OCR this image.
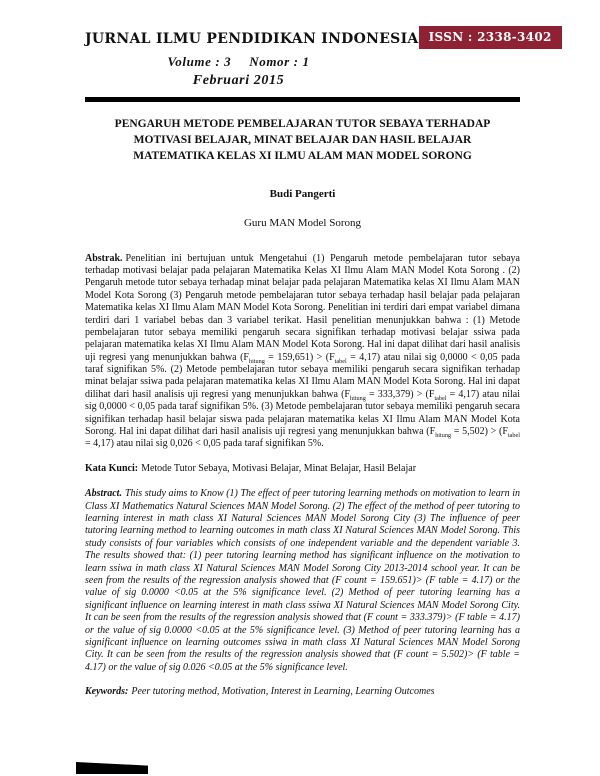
JURNAL ILMU PENDIDIKAN INDONESIA ISSN : 2338-3402
Volume : 3 Nomor : 1
Februari 2015
PENGARUH METODE PEMBELAJARAN TUTOR SEBAYA TERHADAP
MOTIVASI BELAJAR, MINAT BELAJAR DAN HASIL BELAJAR
MATEMATIKA KELAS XI ILMU ALAM MAN MODEL SORONG
Budi Pangerti
Guru MAN Model Sorong

Abstrak. Penelitian ini bertujuan untuk Mengetahui (1) Pengaruh metode pembelajaran tutor sebaya terhadap motivasi belajar pada pelajaran Matematika Kelas XI Ilmu Alam MAN Model Kota Sorong . (2) Pengaruh metode tutor sebaya terhadap minat belajar pada pelajaran Matematika kelas XI Ilmu Alam MAN Model Kota Sorong (3) Pengaruh metode pembelajaran tutor sebaya terhadap hasil belajar pada pelajaran Matematika kelas XI Ilmu Alam MAN Model Kota Sorong. Penelitian ini terdiri dari empat variabel dimana terdiri dari 1 variabel bebas dan 3 variabel terikat. Hasil penelitian menunjukkan bahwa : (1) Metode pembelajaran tutor sebaya memiliki pengaruh secara signifikan terhadap motivasi belajar ssiwa pada pelajaran matematika kelas XI Ilmu Alam MAN Model Kota Sorong. Hal ini dapat dilihat dari hasil analisis uji regresi yang menunjukkan bahwa $(F_{hitung} = 159,651) > (F_{tabel} = 4,17)$ atau nilai sig 0,0000 < 0,05 pada taraf signifikan 5%. (2) Metode pembelajaran tutor sebaya memiliki pengaruh secara signifikan terhadap minat belajar ssiwa pada pelajaran matematika kelas XI Ilmu Alam MAN Model Kota Sorong. Hal ini dapat dilihat dari hasil analisis uji regresi yang menunjukkan bahwa $(F_{hitung} = 333,379) > (F_{tabel} = 4,17)$ atau nilai sig 0,0000 < 0,05 pada taraf signifikan 5%. (3) Metode pembelajaran tutor sebaya memiliki pengaruh secara signifikan terhadap hasil belajar siswa pada pelajaran matematika kelas XI Ilmu Alam MAN Model Kota Sorong. Hal ini dapat dilihat dari hasil analisis uji regresi yang menunjukkan bahwa $(F_{hitung} = 5,502) > (F_{tabel} = 4,17)$ atau nilai sig 0,026 < 0,05 pada taraf signifikan 5%.

Kata Kunci: Metode Tutor Sebaya, Motivasi Belajar, Minat Belajar, Hasil Belajar

Abstract. This study aims to Know (1) The effect of peer tutoring learning methods on motivation to learn in Class XI Mathematics Natural Sciences MAN Model Sorong. (2) The effect of the method of peer tutoring to learning interest in math class XI Natural Sciences MAN Model Sorong City (3) The influence of peer tutoring learning method to learning outcomes in math class XI Natural Sciences MAN Model Sorong. This study consists of four variables which consists of one independent variable and the dependent variable 3. The results showed that: (1) peer tutoring learning method has significant influence on the motivation to learn ssiwa in math class XI Natural Sciences MAN Model Sorong City 2013-2014 school year. It can be seen from the results of the regression analysis showed that (F count = 159.651)> (F table = 4.17) or the value of sig 0.0000 <0.05 at the 5% significance level. (2) Method of peer tutoring learning has a significant influence on learning interest in math class ssiwa XI Natural Sciences MAN Model Sorong City. It can be seen from the results of the regression analysis showed that (F count = 333.379)> (F table = 4.17) or the value of sig 0.0000 <0.05 at the 5% significance level. (3) Method of peer tutoring learning has a significant influence on learning outcomes ssiwa in math class XI Natural Sciences MAN Model Sorong City. It can be seen from the results of the regression analysis showed that (F count = 5.502)> (F table = 4.17) or the value of sig 0.026 <0.05 at the 5% significance level.

Keywords: Peer tutoring method, Motivation, Interest in Learning, Learning Outcomes
